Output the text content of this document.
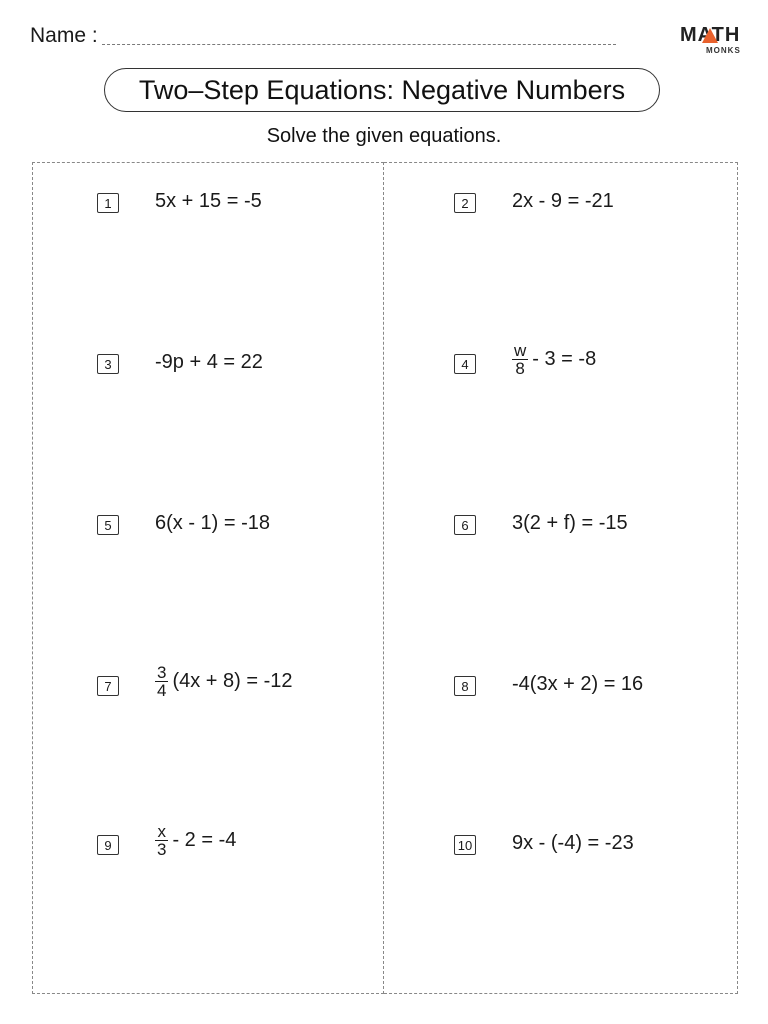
Name :	MATH
MONKS
Two–Step Equations: Negative Numbers
Solve the given equations.
1	5x + 15 = -5
3	-9p + 4 = 22
5	6(x - 1) = -18
7	$\frac{3}{4} (4x + 8) = -12$
9	$\frac{x}{3} - 2 = -4$
2	2x - 9 = -21
4	$\frac{w}{8} - 3 = -8$
6	3(2 + f) = -15
8	-4(3x + 2) = 16
10 9x - (-4) = -23
